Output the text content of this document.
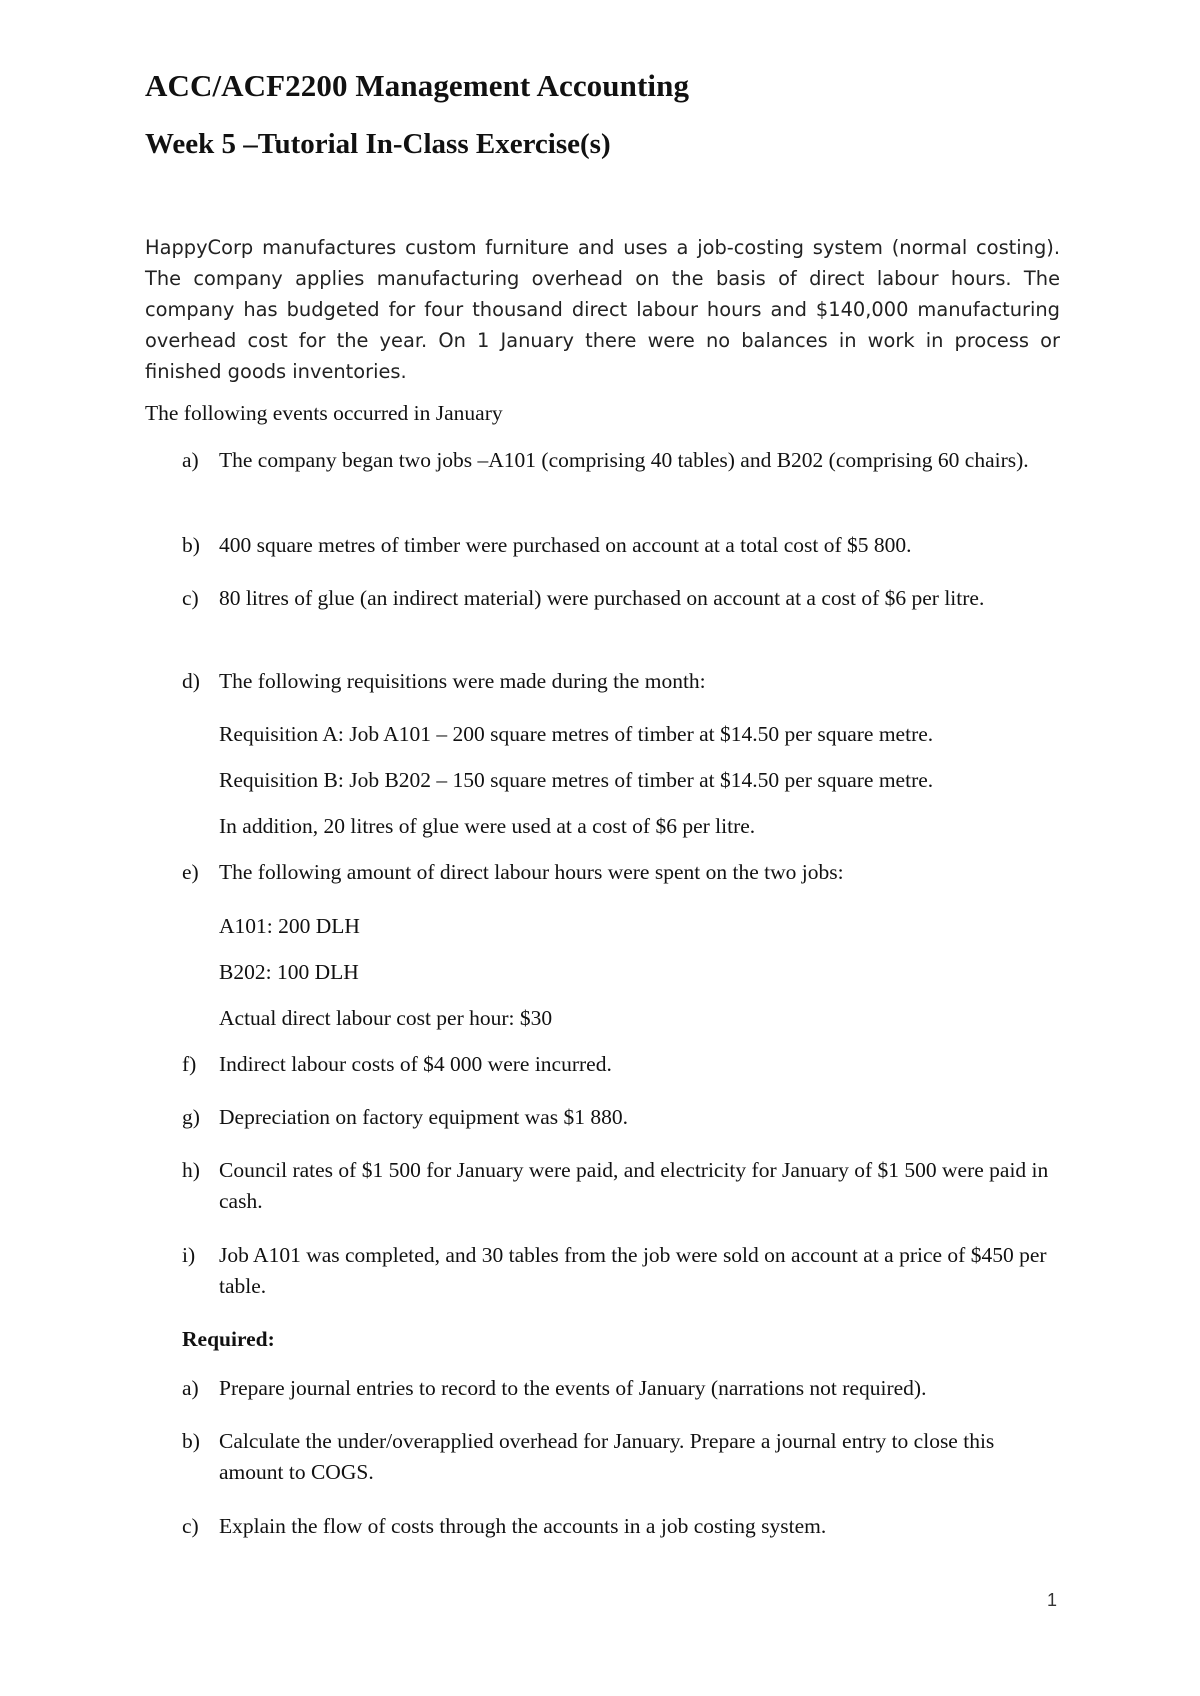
ACC/ACF2200 Management Accounting
Week 5 –Tutorial In-Class Exercise(s)
HappyCorp manufactures custom furniture and uses a job-costing system (normal costing). The company applies manufacturing overhead on the basis of direct labour hours. The company has budgeted for four thousand direct labour hours and $140,000 manufacturing overhead cost for the year. On 1 January there were no balances in work in process or finished goods inventories.
The following events occurred in January
a) The company began two jobs –A101 (comprising 40 tables) and B202 (comprising 60 chairs).
b) 400 square metres of timber were purchased on account at a total cost of $5 800.
c) 80 litres of glue (an indirect material) were purchased on account at a cost of $6 per litre.
d) The following requisitions were made during the month:
Requisition A: Job A101 – 200 square metres of timber at $14.50 per square metre.
Requisition B: Job B202 – 150 square metres of timber at $14.50 per square metre.
In addition, 20 litres of glue were used at a cost of $6 per litre.
e) The following amount of direct labour hours were spent on the two jobs:
A101: 200 DLH
B202: 100 DLH
Actual direct labour cost per hour: $30
f)	Indirect labour costs of $4 000 were incurred.
g) Depreciation on factory equipment was $1 880.
h) Council rates of $1 500 for January were paid, and electricity for January of $1 500 were paid in cash.
i)	Job A101 was completed, and 30 tables from the job were sold on account at a price of $450 per table.
Required:
a) Prepare journal entries to record to the events of January (narrations not required).
b) Calculate the under/overapplied overhead for January. Prepare a journal entry to close this amount to COGS.
c) Explain the flow of costs through the accounts in a job costing system.
1
